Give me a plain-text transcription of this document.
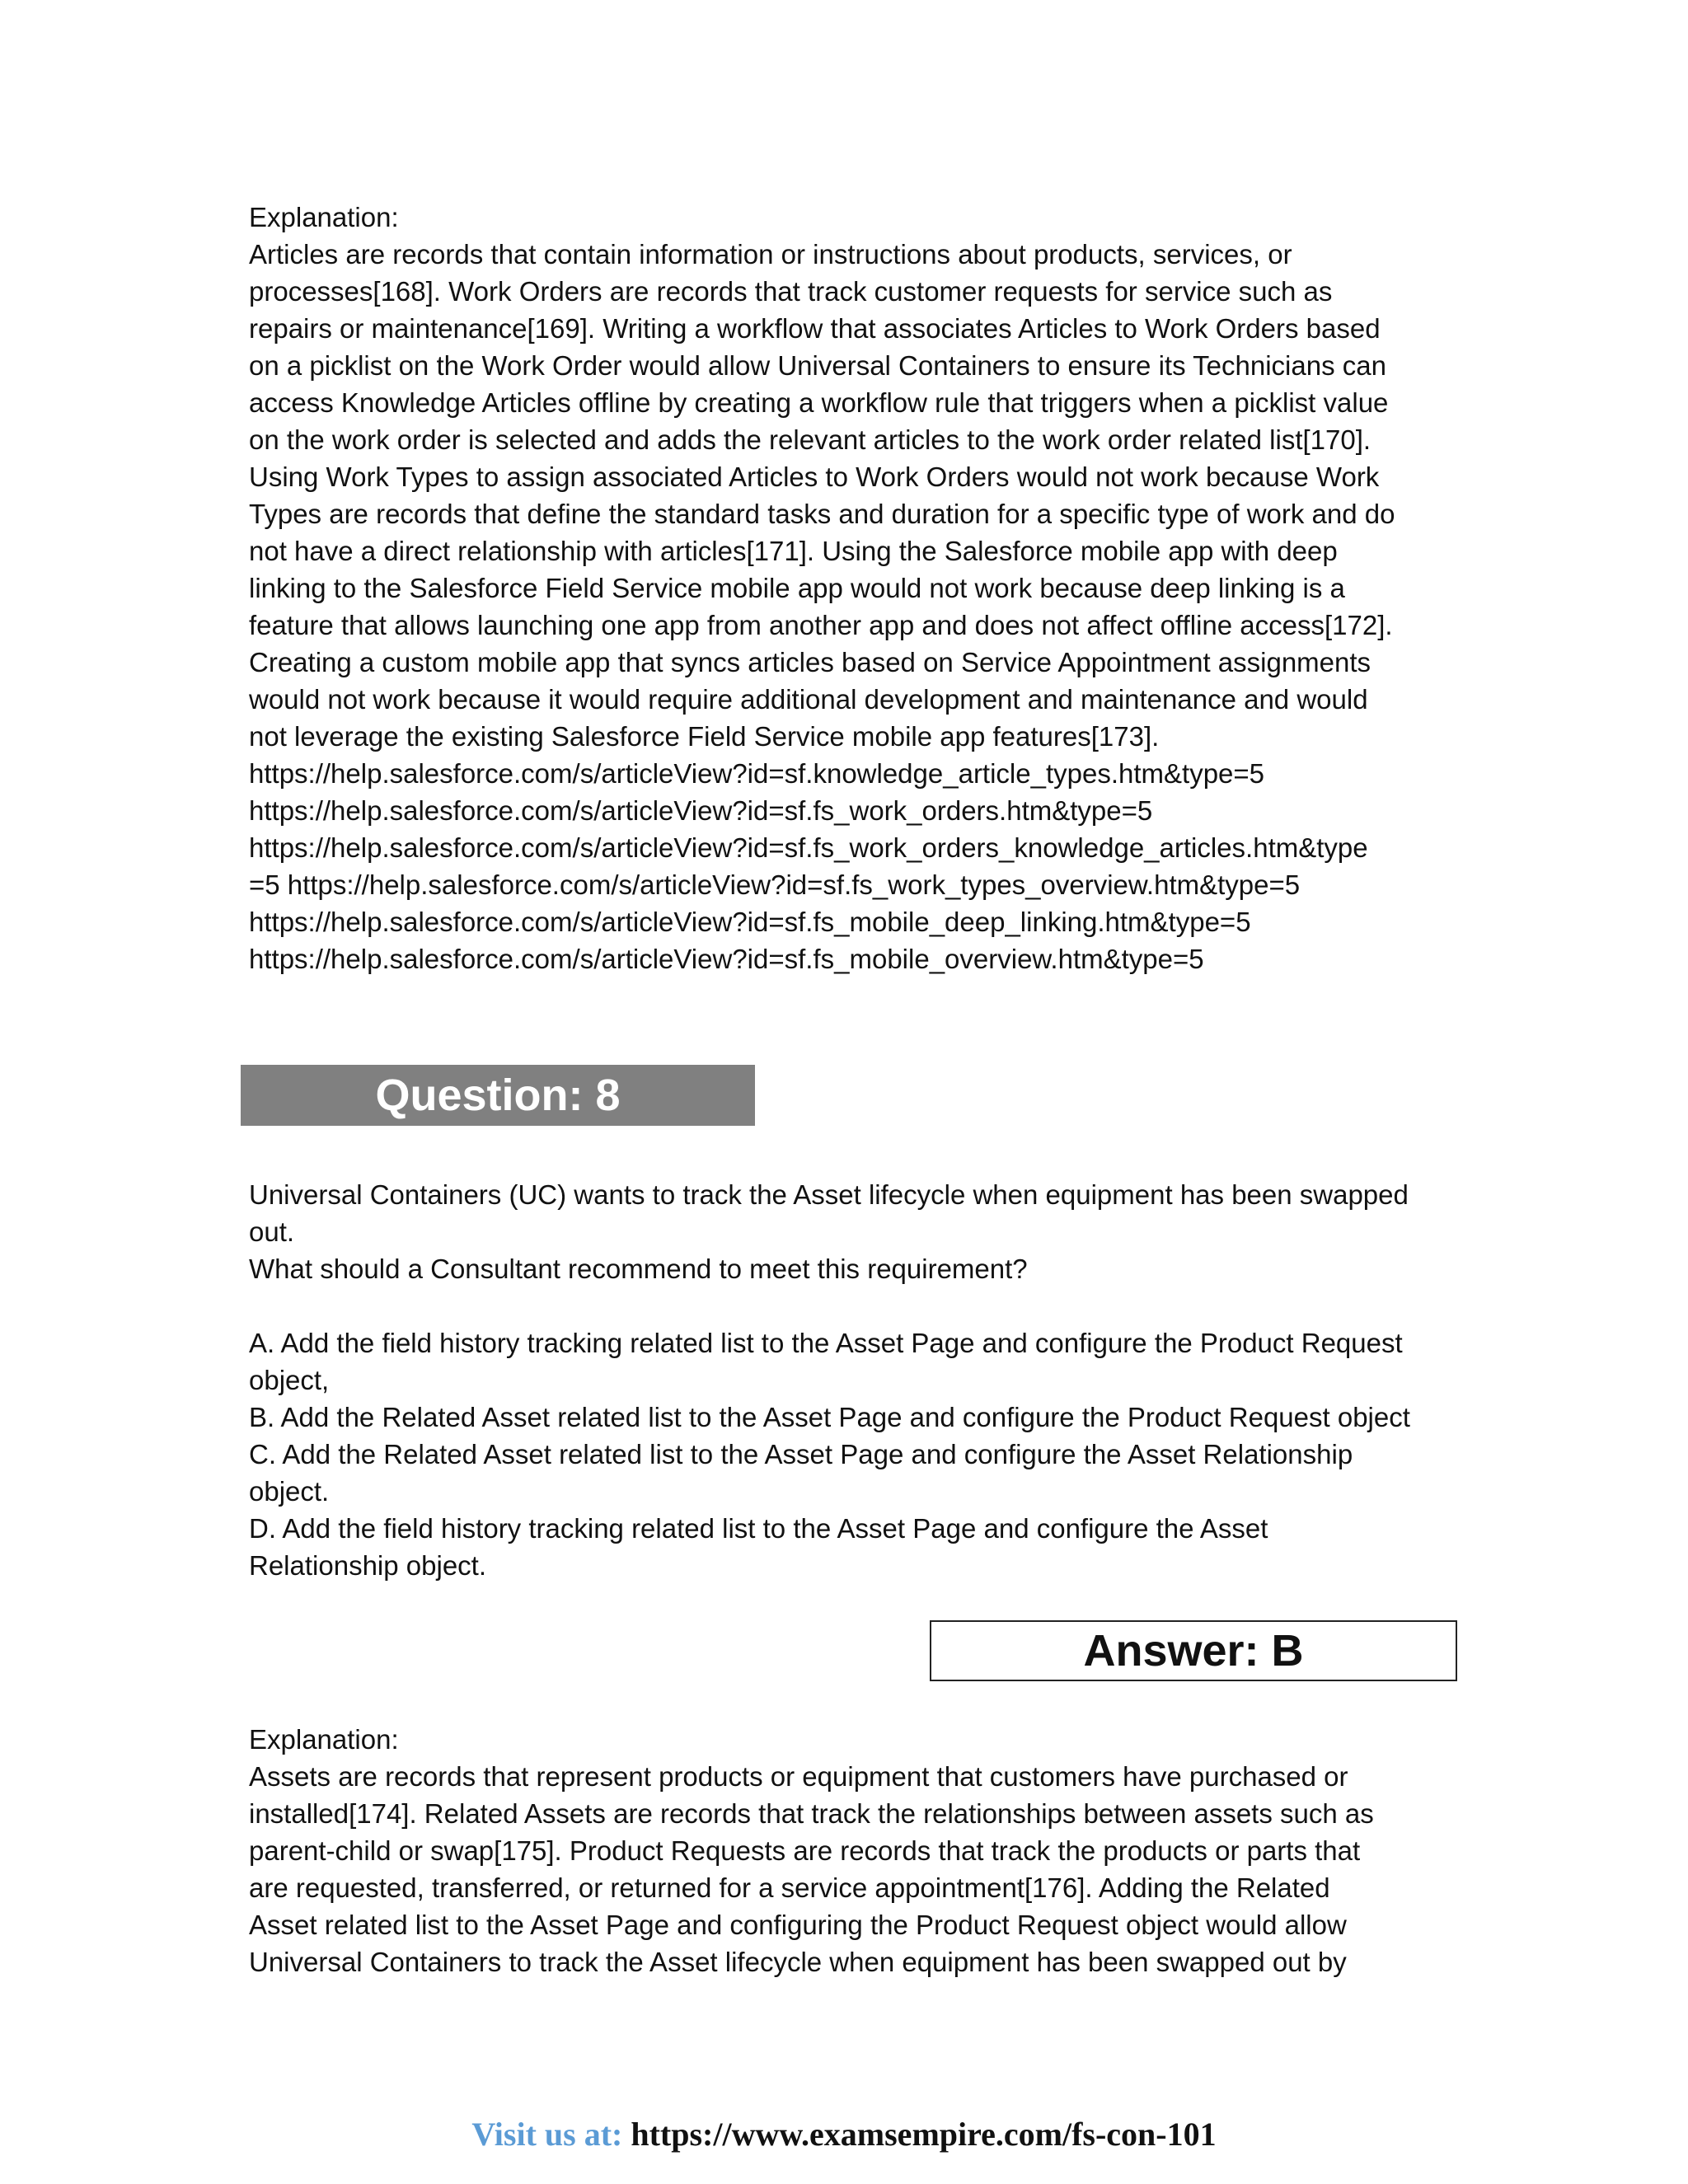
Explanation:
Articles are records that contain information or instructions about products, services, or
processes[168]. Work Orders are records that track customer requests for service such as
repairs or maintenance[169]. Writing a workflow that associates Articles to Work Orders based
on a picklist on the Work Order would allow Universal Containers to ensure its Technicians can
access Knowledge Articles offline by creating a workflow rule that triggers when a picklist value
on the work order is selected and adds the relevant articles to the work order related list[170].
Using Work Types to assign associated Articles to Work Orders would not work because Work
Types are records that define the standard tasks and duration for a specific type of work and do
not have a direct relationship with articles[171]. Using the Salesforce mobile app with deep
linking to the Salesforce Field Service mobile app would not work because deep linking is a
feature that allows launching one app from another app and does not affect offline access[172].
Creating a custom mobile app that syncs articles based on Service Appointment assignments
would not work because it would require additional development and maintenance and would
not leverage the existing Salesforce Field Service mobile app features[173].
https://help.salesforce.com/s/articleView?id=sf.knowledge_article_types.htm&type=5
https://help.salesforce.com/s/articleView?id=sf.fs_work_orders.htm&type=5
https://help.salesforce.com/s/articleView?id=sf.fs_work_orders_knowledge_articles.htm&type
=5 https://help.salesforce.com/s/articleView?id=sf.fs_work_types_overview.htm&type=5
https://help.salesforce.com/s/articleView?id=sf.fs_mobile_deep_linking.htm&type=5
https://help.salesforce.com/s/articleView?id=sf.fs_mobile_overview.htm&type=5
Question: 8
Universal Containers (UC) wants to track the Asset lifecycle when equipment has been swapped
out.
What should a Consultant recommend to meet this requirement?
A. Add the field history tracking related list to the Asset Page and configure the Product Request
object,
B. Add the Related Asset related list to the Asset Page and configure the Product Request object
C. Add the Related Asset related list to the Asset Page and configure the Asset Relationship
object.
D. Add the field history tracking related list to the Asset Page and configure the Asset
Relationship object.
Answer: B
Explanation:
Assets are records that represent products or equipment that customers have purchased or
installed[174]. Related Assets are records that track the relationships between assets such as
parent-child or swap[175]. Product Requests are records that track the products or parts that
are requested, transferred, or returned for a service appointment[176]. Adding the Related
Asset related list to the Asset Page and configuring the Product Request object would allow
Universal Containers to track the Asset lifecycle when equipment has been swapped out by
Visit us at: https://www.examsempire.com/fs-con-101
